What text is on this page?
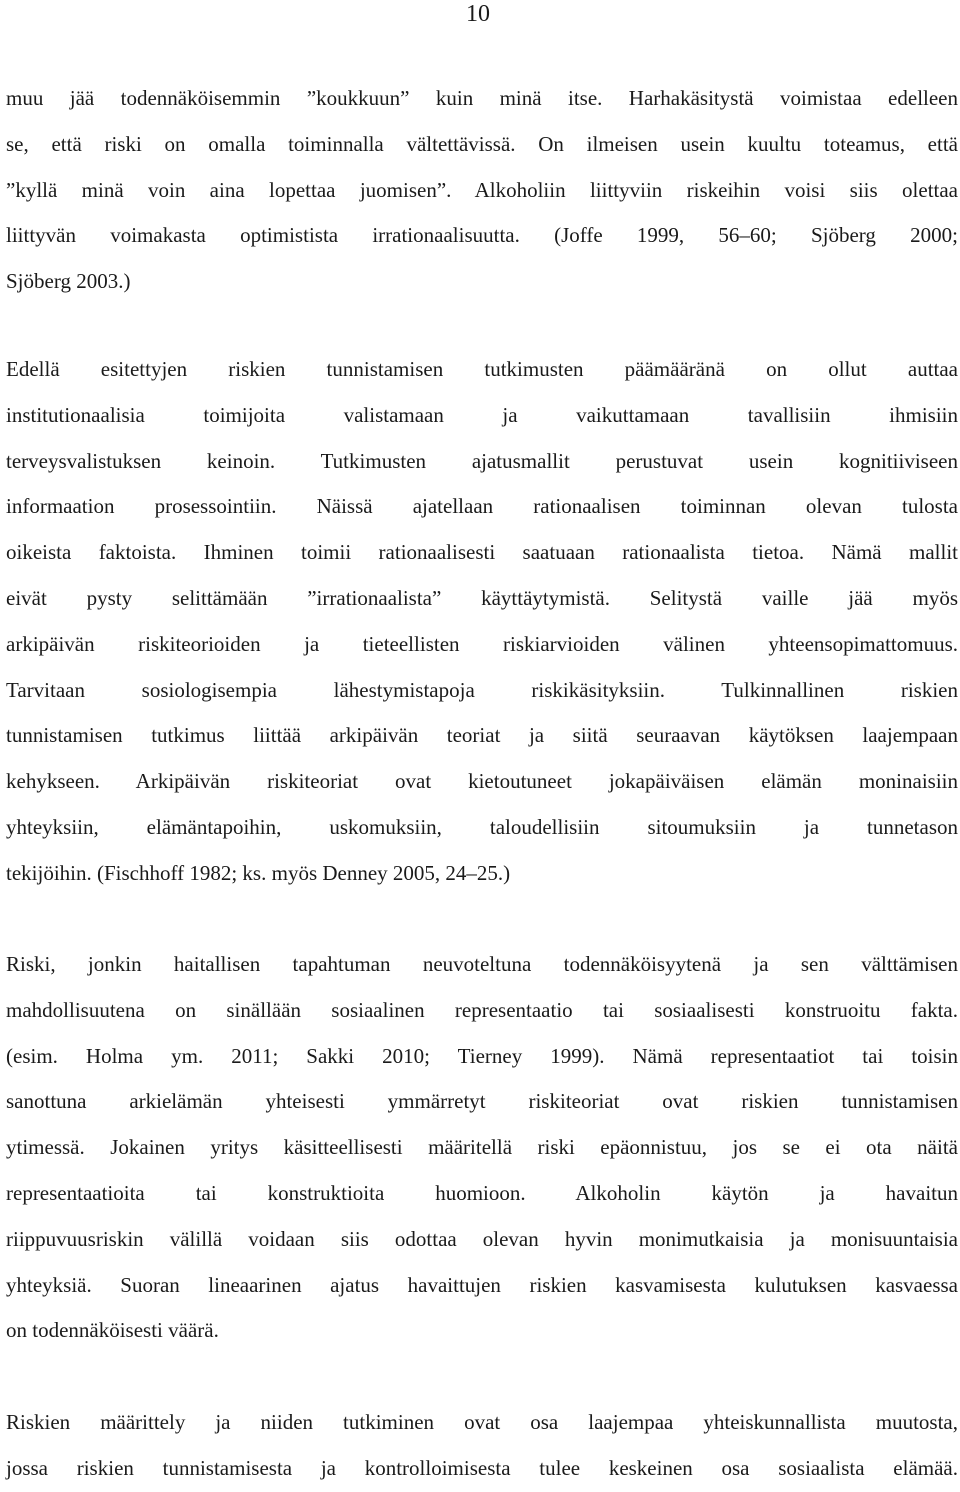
10
muu jää todennäköisemmin ”koukkuun” kuin minä itse. Harhakäsitystä voimistaa edelleen
se, että riski on omalla toiminnalla vältettävissä. On ilmeisen usein kuultu toteamus, että
”kyllä minä voin aina lopettaa juomisen”. Alkoholiin liittyviin riskeihin voisi siis olettaa
liittyvän voimakasta optimistista irrationaalisuutta. (Joffe 1999, 56–60; Sjöberg 2000;
Sjöberg 2003.)
Edellä esitettyjen riskien tunnistamisen tutkimusten päämääränä on ollut auttaa
institutionaalisia toimijoita valistamaan ja vaikuttamaan tavallisiin ihmisiin
terveysvalistuksen keinoin. Tutkimusten ajatusmallit perustuvat usein kognitiiviseen
informaation prosessointiin. Näissä ajatellaan rationaalisen toiminnan olevan tulosta
oikeista faktoista. Ihminen toimii rationaalisesti saatuaan rationaalista tietoa. Nämä mallit
eivät pysty selittämään ”irrationaalista” käyttäytymistä. Selitystä vaille jää myös
arkipäivän riskiteorioiden ja tieteellisten riskiarvioiden välinen yhteensopimattomuus.
Tarvitaan sosiologisempia lähestymistapoja riskikäsityksiin. Tulkinnallinen riskien
tunnistamisen tutkimus liittää arkipäivän teoriat ja siitä seuraavan käytöksen laajempaan
kehykseen. Arkipäivän riskiteoriat ovat kietoutuneet jokapäiväisen elämän moninaisiin
yhteyksiin, elämäntapoihin, uskomuksiin, taloudellisiin sitoumuksiin ja tunnetason
tekijöihin. (Fischhoff 1982; ks. myös Denney 2005, 24–25.)
Riski, jonkin haitallisen tapahtuman neuvoteltuna todennäköisyytenä ja sen välttämisen
mahdollisuutena on sinällään sosiaalinen representaatio tai sosiaalisesti konstruoitu fakta.
(esim. Holma ym. 2011; Sakki 2010; Tierney 1999). Nämä representaatiot tai toisin
sanottuna arkielämän yhteisesti ymmärretyt riskiteoriat ovat riskien tunnistamisen
ytimessä. Jokainen yritys käsitteellisesti määritellä riski epäonnistuu, jos se ei ota näitä
representaatioita tai konstruktioita huomioon. Alkoholin käytön ja havaitun
riippuvuusriskin välillä voidaan siis odottaa olevan hyvin monimutkaisia ja monisuuntaisia
yhteyksiä. Suoran lineaarinen ajatus havaittujen riskien kasvamisesta kulutuksen kasvaessa
on todennäköisesti väärä.
Riskien määrittely ja niiden tutkiminen ovat osa laajempaa yhteiskunnallista muutosta,
jossa riskien tunnistamisesta ja kontrolloimisesta tulee keskeinen osa sosiaalista elämää.
